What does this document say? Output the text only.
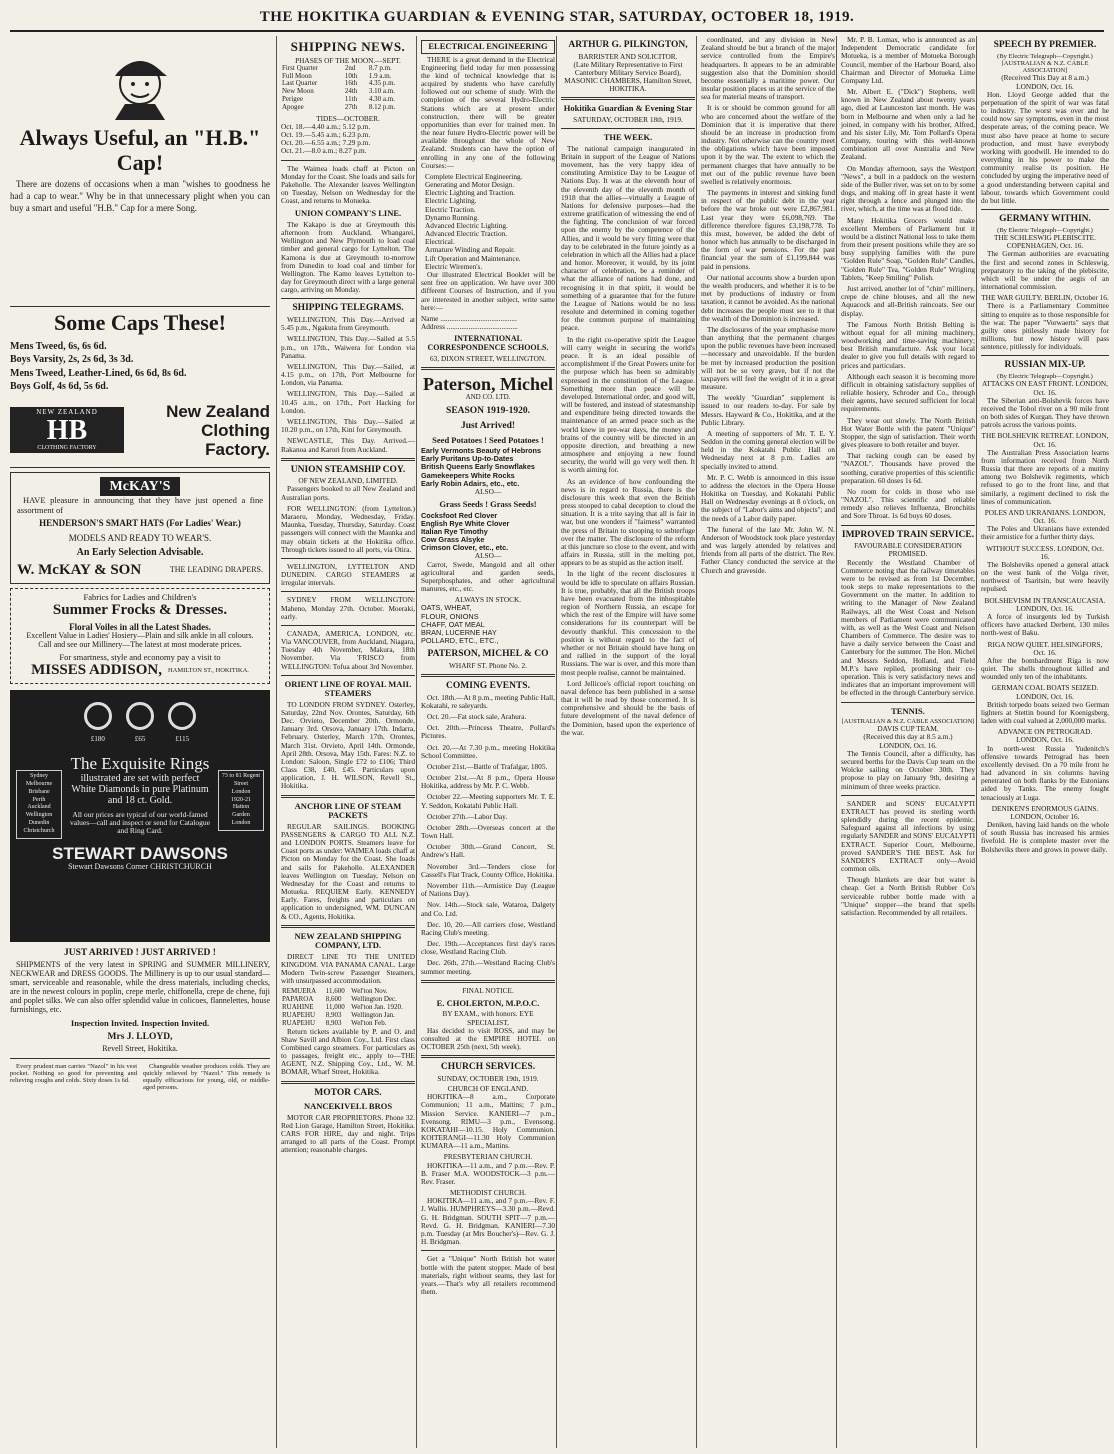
THE HOKITIKA GUARDIAN & EVENING STAR, SATURDAY, OCTOBER 18, 1919.
Always Useful, an "H.B." Cap!

There are dozens of occasions when a man "wishes to goodness he had a cap to wear." Why be in that unnecessary plight when you can buy a smart and useful "H.B." Cap for a mere Song.

Some Caps These!
Mens Tweed, 6s, 6s 6d.
Boys Varsity, 2s, 2s 6d, 3s 3d.
Mens Tweed, Leather-Lined, 6s 6d, 8s 6d.
Boys Golf, 4s 6d, 5s 6d.
NEW ZEALAND
HB
CLOTHING FACTORY
New Zealand Clothing Factory.
McKAY'S

HAVE pleasure in announcing that they have just opened a fine assortment of

HENDERSON'S SMART HATS (For Ladies' Wear.)
MODELS AND READY TO WEAR'S.
An Early Selection Advisable.
W. McKAY & SON	THE LEADING DRAPERS.
Fabrics for Ladies and Children's
Summer Frocks & Dresses.
Floral Voiles in all the Latest Shades.
Excellent Value in Ladies' Hosiery—Plain and silk ankle in all colours.
Call and see our Millinery—The latest at most moderate prices.
For smartness, style and economy pay a visit to
MISSES ADDISON, HAMILTON ST., HOKITIKA.
£180	£65	£115
Sydney
Melbourne
Brisbane
Perth
Auckland
Wellington
Dunedin
Christchurch
73 to 81 Regent
Street
London
1920-21
Hatton
Garden
London
The Exquisite Rings
illustrated are set with perfect White Diamonds in pure Platinum and 18 ct. Gold.
All our prices are typical of our world-famed values—call and inspect or send for Catalogue and Ring Card.
STEWART DAWSONS
Stewart Dawsons Corner CHRISTCHURCH
JUST ARRIVED ! JUST ARRIVED !

SHIPMENTS of the very latest in SPRING and SUMMER MILLINERY, NECKWEAR and DRESS GOODS. The Millinery is up to our usual standard—smart, serviceable and reasonable, while the dress materials, including checks, are in the newest colours in poplin, crepe merle, chiffonella, crepe de chene, fuji and poplet silks. We can also offer splendid value in colicoes, flannelettes, house furnishings, etc.

Inspection Invited. Inspection Invited.
Mrs J. LLOYD,
Revell Street, Hokitika.

Every prudent man carries "Nazol" in his vest pocket. Nothing so good for preventing and relieving coughs and colds. Sixty doses 1s 6d.

Changeable weather produces colds. They are quickly relieved by "Nazol." This remedy is equally efficacious for young, old, or middle-aged persons.

SHIPPING NEWS.
PHASES OF THE MOON.—SEPT.
First Quarter	2nd	8.7 p.m.
Full Moon	10th	1.9 a.m.
Last Quarter	16th	4.35 p.m.
New Moon	24th	3.10 a.m.
Perigee	11th	4.30 a.m.
Apogee	27th	8.12 p.m.
TIDES—OCTOBER.
Oct. 18.—4.40 a.m.; 5.12 p.m.
Oct. 19.—5.45 a.m.; 6.23 p.m.
Oct. 20.—6.55 a.m.; 7.29 p.m.
Oct. 21.—8.0 a.m.; 8.27 p.m.

The Waimea loads chaff at Picton on Monday for the Coast. She loads and sails for Pakeholle. The Alexander leaves Wellington on Tuesday, Nelson on Wednesday for the Coast, and returns to Motueka.

UNION COMPANY'S LINE.

The Kakapo is due at Greymouth this afternoon from Auckland, Whangarei, Wellington and New Plymouth to load coal timber and general cargo for Lyttelton. The Kamona is due at Greymouth to-morrow from Dunedin to load coal and timber for Wellington. The Kamo leaves Lyttelton to-day for Greymouth direct with a large general cargo, arriving on Monday.

SHIPPING TELEGRAMS.

WELLINGTON, This Day.—Arrived at 5.45 p.m., Ngakuta from Greymouth.

WELLINGTON, This Day.—Sailed at 5.5 p.m., on 17th., Waiwera for London via Panama.

WELLINGTON, This Day.—Sailed, at 4.15 p.m., on 17th, Port Melbourne for London, via Panama.

WELLINGTON, This Day.—Sailed at 10.45 a.m., on 17th., Port Hacking for London.

WELLINGTON, This Day.—Sailed at 10.20 p.m., on 17th, Kini for Greymouth.

NEWCASTLE, This Day. Arrived.—Rakanoa and Karori from Auckland.

UNION STEAMSHIP COY.
OF NEW ZEALAND, LIMITED.

Passengers booked to all New Zealand and Australian ports.

FOR WELLINGTON: (from Lyttelton.) Maraeru, Monday, Wednesday, Friday. Maunka, Tuesday, Thursday, Saturday. Coast passengers will connect with the Maunka and may obtain tickets at the Hokitika office. Through tickets issued to all ports, via Otira.

WELLINGTON, LYTTELTON AND DUNEDIN. CARGO STEAMERS at irregular intervals.

SYDNEY FROM WELLINGTON: Maheno, Monday 27th. October. Moeraki, early.

CANADA, AMERICA, LONDON, etc. Via VANCOUVER, from Auckland, Niagara, Tuesday 4th November, Makura, 18th November. Via 'FRISCO from WELLINGTON: Tofua about 3rd November.

ORIENT LINE OF ROYAL MAIL STEAMERS

TO LONDON FROM SYDNEY. Osterley, Saturday, 22nd Nov. Orontes, Saturday, 6th Dec. Orvieto, December 20th. Ormonde, January 3rd. Orsova, January 17th. Indarra, February. Osterley, March 17th. Orontes, March 31st. Orvieto, April 14th. Ormonde, April 28th. Orsova, May 15th. Fares: N.Z. to London: Saloon, Single £72 to £106; Third Class £38, £40, £45. Particulars upon application, J. H. WILSON, Revell St., Hokitika.

ANCHOR LINE OF STEAM PACKETS

REGULAR SAILINGS. BOOKING PASSENGERS & CARGO TO ALL N.Z. and LONDON PORTS. Steamers leave for Coast ports as under: WAIMEA loads chaff at Picton on Monday for the Coast. She loads and sails for Pakeholle. ALEXANDER leaves Wellington on Tuesday, Nelson on Wednesday for the Coast and returns to Motueka. REQUIEM Early. KENNEDY Early. Fares, freights and particulars on application to undersigned, WM. DUNCAN & CO., Agents, Hokitika.

NEW ZEALAND SHIPPING COMPANY, LTD.

DIRECT LINE TO THE UNITED KINGDOM. VIA PANAMA CANAL. Large Modern Twin-screw Passenger Steamers, with unsurpassed accommodation.

REMUERA	11,600	Wel'ton Nov.
PAPAROA	8,600	Wellington Dec.
RUAHINE	11,000	Wel'ton Jan. 1920.
RUAPEHU	8,903	Wellington Jan.
RUAPEHU	8,903	Wel'ton Feb.

Return tickets available by P. and O. and Shaw Savill and Albion Coy., Ltd. First class Combined cargo steamers. For particulars as to passages, freight etc., apply to—THE AGENT, N.Z. Shipping Coy., Ltd., W. M. BOMAR, Wharf Street, Hokitika.

MOTOR CARS.
NANCEKIVELL BROS

MOTOR CAR PROPRIETORS. Phone 32. Red Lion Garage, Hamilton Street, Hokitika. CARS FOR HIRE, day and night. Trips arranged to all parts of the Coast. Prompt attention; reasonable charges.

ELECTRICAL ENGINEERING

THERE is a great demand in the Electrical Engineering field today for men possessing the kind of technical knowledge that is acquired by students who have carefully followed out our scheme of study. With the completion of the several Hydro-Electric Stations which are at present under construction, there will be greater opportunities than ever for trained men. In the near future Hydro-Electric power will be available throughout the whole of New Zealand. Students can have the option of enrolling in any one of the following Courses:—

Complete Electrical Engineering.
Generating and Motor Design.
Electric Lighting and Traction.
Electric Lighting.
Electric Traction.
Dynamo Running.
Advanced Electric Lighting.
Advanced Electric Traction.
Electrical.
Armature Winding and Repair.
Lift Operation and Maintenance.
Electric Wiremen's.

Our illustrated Electrical Booklet will be sent free on application. We have over 300 different Courses of Instruction, and if you are interested in another subject, write same here:—

Name ..........................................
Address .......................................
INTERNATIONAL CORRESPONDENCE SCHOOLS.
63, DIXON STREET, WELLINGTON.
Paterson, Michel
AND CO. LTD.
SEASON 1919-1920.
Just Arrived!
Seed Potatoes ! Seed Potatoes !
Early Vermonts Beauty of Hebrons
Early Puritans Up-to-Dates
British Queens Early Snowflakes
Gamekeepers White Rocks
Early Robin Adairs, etc., etc.
ALSO—
Grass Seeds ! Grass Seeds!
Cocksfoot Red Clover
English Rye White Clover
Italian Rye Timothy
Cow Grass Alsyke
Crimson Clover, etc., etc.
ALSO—

Carrot, Swede, Mangold and all other agricultural and garden seeds, Superphosphates, and other agricultural manures, etc., etc.

ALWAYS IN STOCK.
OATS, WHEAT,
FLOUR, ONIONS
CHAFF, OAT MEAL
BRAN, LUCERNE HAY
POLLARD, ETC., ETC.,
PATERSON, MICHEL & CO
WHARF ST. Phone No. 2.
COMING EVENTS.

Oct. 18th.—At 8 p.m., meeting Public Hall, Kokatahi, re saleyards.

Oct. 20.—Fat stock sale, Arahura.

Oct. 20th.—Princess Theatre, Pollard's Pictures.

Oct. 20.—At 7.30 p.m., meeting Hokitika School Committee.

October 21st.—Battle of Trafalgar, 1805.

October 21st.—At 8 p.m., Opera House Hokitika, address by Mr. P. C. Webb.

October 22.—Meeting supporters Mr. T. E. Y. Seddon, Kokatahi Public Hall.

October 27th.—Labor Day.

October 28th.—Overseas concert at the Town Hall.

October 30th.—Grand Concert, St. Andrew's Hall.

November 3rd.—Tenders close for Cassell's Flat Track, County Office, Hokitika.

November 11th.—Armistice Day (League of Nations Day).

Nov. 14th.—Stock sale, Wataroa, Dalgety and Co. Ltd.

Dec. 10, 20.—All carriers close, Westland Racing Club's meeting.

Dec. 19th.—Acceptances first day's races close, Westland Racing Club.

Dec. 26th, 27th.—Westland Racing Club's summer meeting.

FINAL NOTICE.
E. CHOLERTON, M.P.O.C.
BY EXAM., with honors. EYE SPECIALIST,

Has decided to visit ROSS, and may be consulted at the EMPIRE HOTEL on OCTOBER 25th (next, 5th week).

CHURCH SERVICES.
SUNDAY, OCTOBER 19th, 1919.
CHURCH OF ENGLAND.

HOKITIKA—8 a.m., Corporate Communion; 11 a.m., Mattins; 7 p.m., Mission Service. KANIERI—7 p.m., Evensong. RIMU—3 p.m., Evensong. KOKATAHI—10.15. Holy Communion. KOITERANGI—11.30 Holy Communion KUMARA—11 a.m., Mattins.

PRESBYTERIAN CHURCH.

HOKITIKA—11 a.m., and 7 p.m.—Rev. P. B. Fraser M.A. WOODSTOCK—3 p.m.—Rev. Fraser.

METHODIST CHURCH.

HOKITIKA—11 a.m., and 7 p.m.—Rev. F. J. Wallis. HUMPHREYS—3.30 p.m.—Revd. G. H. Bridgman. SOUTH SPIT—7 p.m.—Revd. G. H. Bridgman. KANIERI—7.30 p.m. Tuesday (at Mrs Boucher's)—Rev. G. J. H. Bridgman.

Get a "Unique" North British hot water bottle with the patent stopper. Made of best materials, right without seams, they last for years.—That's why all retailers recommend them.

ARTHUR G. PILKINGTON,
BARRISTER AND SOLICITOR.

(Late Military Representative to First Canterbury Military Service Board), MASONIC CHAMBERS, Hamilton Street, HOKITIKA.

Hokitika Guardian & Evening Star
SATURDAY, OCTOBER 18th, 1919.
THE WEEK.

The national campaign inaugurated in Britain in support of the League of Nations movement, has the very happy idea of constituting Armistice Day to be League of Nations Day. It was at the eleventh hour of the eleventh day of the eleventh month of 1918 that the allies—virtually a League of Nations for defensive purposes—had the extreme gratification of witnessing the end of the fighting. The conclusion of war forced upon the enemy by the competence of the Allies, and it would be very fitting were that day to be celebrated in the future jointly as a celebration in which all the Allies had a place and honor. Moreover, it would, by its joint character of celebration, be a reminder of what the alliance of nations had done, and recognising it in that spirit, it would be something of a guarantee that for the future the League of Nations would be no less resolute and determined in coming together for the common purpose of maintaining peace.

In the right co-operative spirit the League will carry weight in securing the world's peace. It is an ideal possible of accomplishment if the Great Powers unite for the purpose which has been so admirably expressed in the constitution of the League. Something more than peace will be developed. International order, and good will, will be fostered, and instead of statesmanship and expenditure being directed towards the maintenance of an armed peace such as the world knew in pre-war days, the money and brains of the country will be directed in an opposite direction, and breathing a new atmosphere and enjoying a new found security, the world will go very well then. It is worth aiming for.

As an evidence of how confounding the news is in regard to Russia, there is the disclosure this week that even the British press stooped to cabal deception to cloud the situation. It is a trite saying that all is fair in war, but one wonders if "fairness" warranted the press of Britain to stooping to subterfuge over the matter. The disclosure of the reform at this juncture so close to the event, and with affairs in Russia, still in the melting pot, appears to be as stupid as the action itself.

In the light of the recent disclosures it would be idle to speculate on affairs Russian. It is true, probably, that all the British troops have been evacuated from the inhospitable region of Northern Russia, an escape for which the rest of the Empire will have some considerations for its counterpart will be devoutly thankful. This concession to the position is without regard to the fact of whether or not Britain should have hung on and rallied in the support of the loyal Russians. The war is over, and this more than most people realise, cannot be maintained.

Lord Jellicoe's official report touching on naval defence has been published in a sense that it will be read by those concerned. It is comprehensive and should be the basis of future development of the naval defence of the Dominion, based upon the experience of the war.

coordinated, and any division in New Zealand should be but a branch of the major service controlled from the Empire's headquarters. It appears to be an admirable suggestion also that the Dominion should become essentially a maritime power. Our insular position places us at the service of the sea for material means of transport.

It is or should be common ground for all who are concerned about the welfare of the Dominion that it is imperative that there should be an increase in production from industry. Not otherwise can the country meet the obligations which have been imposed upon it by the war. The extent to which the permanent charges that have annually to be met out of the public revenue have been swelled is relatively enormous.

The payments in interest and sinking fund in respect of the public debt in the year before the war broke out were £2,867,981. Last year they were £6,098,769. The difference therefore figures £3,198,778. To this must, however, be added the debt of honor which has annually to be discharged in the form of war pensions. For the past financial year the sum of £1,199,844 was paid in pensions.

Our national accounts show a burden upon the wealth producers, and whether it is to be met by productions of industry or from taxation, it cannot be avoided. As the national debt increases the people must see to it that the wealth of the Dominion is increased.

The disclosures of the year emphasise more than anything that the permanent charges upon the public revenues have been increased—necessary and unavoidable. If the burden be met by increased production the position will not be so very grave, but if not the taxpayers will feel the weight of it in a great measure.

The weekly "Guardian" supplement is issued to our readers to-day. For sale by Messrs. Hayward & Co., Hokitika, and at the Public Library.

A meeting of supporters of Mr. T. E. Y. Seddon in the coming general election will be held in the Kokatahi Public Hall on Wednesday next at 8 p.m. Ladies are specially invited to attend.

Mr. P. C. Webb is announced in this issue to address the electors in the Opera House Hokitika on Tuesday, and Kokatahi Public Hall on Wednesday evenings at 8 o'clock, on the subject of "Labor's aims and objects"; and the needs of a Labor daily paper.

The funeral of the late Mr. John W. N. Anderson of Woodstock took place yesterday and was largely attended by relatives and friends from all parts of the district. The Rev. Father Clancy conducted the service at the Church and graveside.

Mr. P. B. Lomax, who is announced as an Independent Democratic candidate for Motueka, is a member of Motueka Borough Council, member of the Harbour Board, also Chairman and Director of Motueka Lime Company Ltd.

Mr. Albert E. ("Dick") Stephens, well known in New Zealand about twenty years ago, died at Launceston last month. He was born in Melbourne and when only a lad he joined, in company with his brother, Alfred, and his sister Lily, Mr. Tom Pollard's Opera Company, touring with this well-known combination all over Australia and New Zealand.

On Monday afternoon, says the Westport "News", a bull in a paddock on the western side of the Buller river, was set on to by some dogs, and making off in great haste it went right through a fence and plunged into the river, which, at the time was at flood tide.

Many Hokitika Grocers would make excellent Members of Parliament but it would be a distinct National loss to take them from their present positions while they are so busy supplying families with the pure "Golden Rule" Soap, "Golden Rule" Candles, "Golden Rule" Tea, "Golden Rule" Wrigling Tablets, "Keep Smiling" Polish.

Just arrived, another lot of "chin" millinery, crepe de chine blouses, and all the new Aquacock and all-British raincoats. See our display.

The Famous North British Belting is without equal for all mining machinery, woodworking and time-saving machinery; best British manufacture. Ask your local dealer to give you full details with regard to prices and particulars.

Although each season it is becoming more difficult in obtaining satisfactory supplies of reliable hosiery, Schroder and Co., through their agents, have secured sufficient for local requirements.

They wear out slowly. The North British Hot Water Bottle with the patent "Unique" Stopper, the sign of satisfaction. Their worth gives pleasure to both retailer and buyer.

That racking cough can be eased by "NAZOL". Thousands have proved the soothing, curative properties of this scientific preparation. 60 doses 1s 6d.

No room for colds in those who use "NAZOL". This scientific and reliable remedy also relieves Influenza, Bronchitis and Sore Throat. 1s 6d buys 60 doses.

IMPROVED TRAIN SERVICE.
FAVOURABLE CONSIDERATION PROMISED.

Recently the Westland Chamber of Commerce noting that the railway timetables were to be revised as from 1st December, took steps to make representations to the Government on the matter. In addition to writing to the Manager of New Zealand Railways, all the West Coast and Nelson members of Parliament were communicated with, as well as the West Coast and Nelson Chambers of Commerce. The desire was to have a daily service between the Coast and Canterbury for the summer. The Hon. Michel and Messrs Seddon, Holland, and Field M.P.'s have replied, promising their co-operation. This is very satisfactory news and indicates that an important improvement will be effected in the through Canterbury service.

TENNIS.
[AUSTRALIAN & N.Z. CABLE ASSOCIATION]
DAVIS CUP TEAM.
(Received this day at 8.5 a.m.)
LONDON, Oct. 16.

The Tennis Council, after a difficulty, has secured berths for the Davis Cup team on the Wolcke sailing on October 30th. They propose to play on January 9th, desiring a minimum of three weeks practice.

SANDER and SONS' EUCALYPTI EXTRACT has proved its sterling worth splendidly during the recent epidemic. Safeguard against all infections by using regularly SANDER and SONS' EUCALYPTI EXTRACT. Superior Court, Melbourne, proved SANDER'S THE BEST. Ask for SANDER'S EXTRACT only—Avoid common oils.

Though blankets are dear but water is cheap. Get a North British Rubber Co's serviceable rubber bottle made with a "Unique" stopper—the brand that spells satisfaction. Recommended by all retailers.

SPEECH BY PREMIER.
(By Electric Telegraph—Copyright.) [AUSTRALIAN & N.Z. CABLE ASSOCIATION]
(Received This Day at 8 a.m.)
LONDON, Oct. 16.

Hon. Lloyd George added that the perpetuation of the spirit of war was fatal to industry. The worst was over and he could now say symptoms, even in the most desperate areas, of the coming peace. We must also have peace at home to secure production, and must have everybody working with goodwill. He intended to do everything in his power to make the community realise its position. He concluded by urging the imperative need of a good understanding between capital and labour, towards which Government could do but little.

GERMANY WITHIN.
(By Electric Telegraph—Copyright.)
THE SCHLESWIG PLEBISCITE. COPENHAGEN, Oct. 16.

The German authorities are evacuating the first and second zones in Schleswig, preparatory to the taking of the plebiscite, which will be under the aegis of an international commission.

THE WAR GUILTY. BERLIN, October 16.

There is a Parliamentary Committee sitting to enquire as to those responsible for the war. The paper "Vorwaerts" says that guilty ones pitilessly made history for millions, but now history will pass sentence, pitilessly for individuals.

RUSSIAN MIX-UP.
(By Electric Telegraph—Copyright.)
ATTACKS ON EAST FRONT. LONDON, Oct. 16.

The Siberian anti-Bolshevik forces have received the Tobol river on a 90 mile front on both sides of Kurgan. They have thrown patrols across the various points.

THE BOLSHEVIK RETREAT. LONDON, Oct. 16.

The Australian Press Association learns from information received from North Russia that there are reports of a mutiny among two Bolshevik regiments, which refused to go to the front line, and that similarly, a regiment declined to risk the lines of communication.

POLES AND UKRANIANS. LONDON, Oct. 16.

The Poles and Ukranians have extended their armistice for a further thirty days.

WITHOUT SUCCESS. LONDON, Oct. 16.

The Bolsheviks opened a general attack on the west bank of the Volga river, northwest of Tsaritsin, but were heavily repulsed.

BOLSHEVISM IN TRANSCAUCASIA. LONDON, Oct. 16.

A force of insurgents led by Turkish officers have attacked Derbent, 130 miles north-west of Baku.

RIGA NOW QUIET. HELSINGFORS, Oct. 16.

After the bombardment Riga is now quiet. The shells throughout killed and wounded only ten of the inhabitants.

GERMAN COAL BOATS SEIZED. LONDON, Oct. 16.

British torpedo boats seized two German lighters at Stettin bound for Koenigsberg, laden with coal valued at 2,000,000 marks.

ADVANCE ON PETROGRAD. LONDON, Oct. 16.

In north-west Russia Yudenitch's offensive towards Petrograd has been excellently devised. On a 70 mile front he had advanced in six columns having penetrated on both flanks by the Estonians aided by Tanks. The enemy fought tenaciously at Luga.

DENIKEN'S ENORMOUS GAINS. LONDON, October 16.

Deniken, having laid hands on the whole of south Russia has increased his armies fivefold. He is complete master over the Bolsheviks there and grows in power daily.
